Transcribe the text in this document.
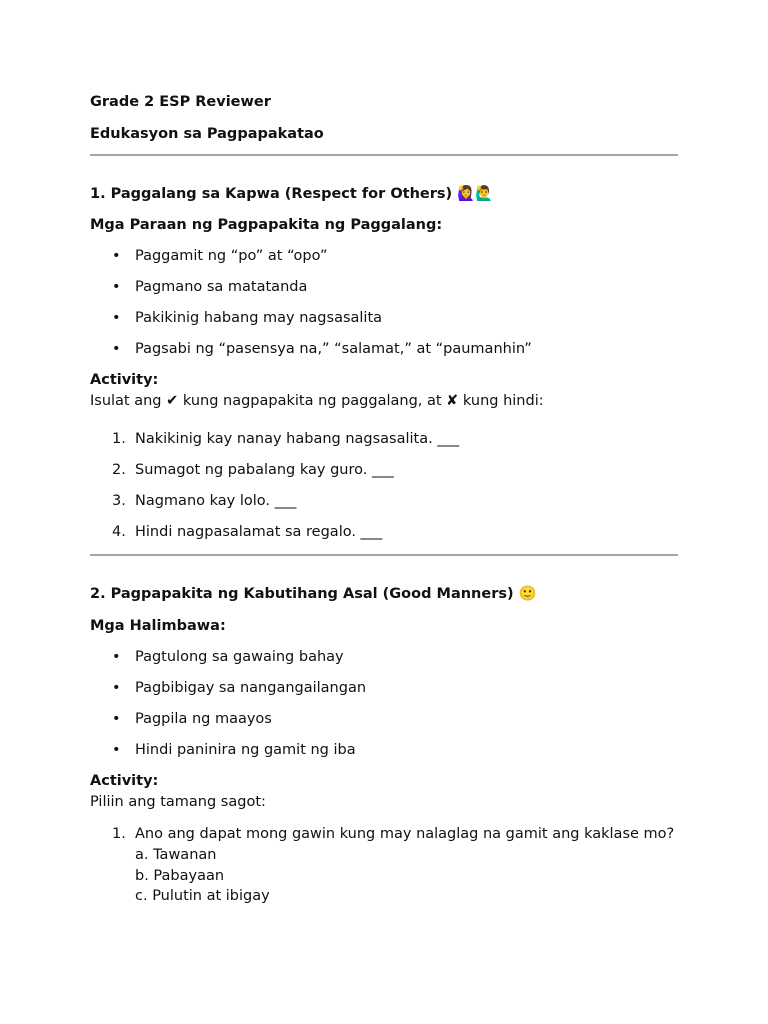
Grade 2 ESP Reviewer

Edukasyon sa Pagpapakatao

1. Paggalang sa Kapwa (Respect for Others) 🙋‍♀️🙋‍♂️

Mga Paraan ng Pagpapakita ng Paggalang:

• Paggamit ng “po” at “opo”
• Pagmano sa matatanda
• Pakikinig habang may nagsasalita
• Pagsabi ng “pasensya na,” “salamat,” at “paumanhin”

Activity:

Isulat ang ✔ kung nagpapakita ng paggalang, at ✘ kung hindi:

1. Nakikinig kay nanay habang nagsasalita. ___
2. Sumagot ng pabalang kay guro. ___
3. Nagmano kay lolo. ___
4. Hindi nagpasalamat sa regalo. ___

2. Pagpapakita ng Kabutihang Asal (Good Manners) 🙂

Mga Halimbawa:

• Pagtulong sa gawaing bahay
• Pagbibigay sa nangangailangan
• Pagpila ng maayos
• Hindi paninira ng gamit ng iba

Activity:

Piliin ang tamang sagot:

1. Ano ang dapat mong gawin kung may nalaglag na gamit ang kaklase mo?
a. Tawanan
b. Pabayaan
c. Pulutin at ibigay
